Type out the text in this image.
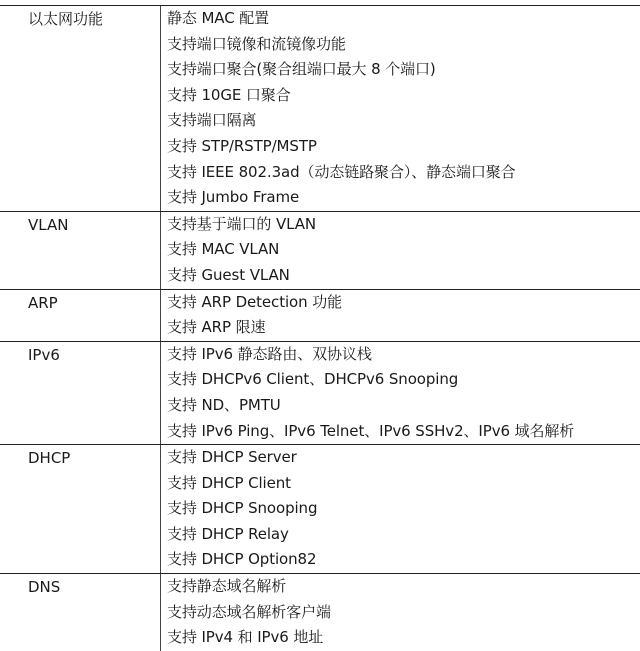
以太网功能	静态 MAC 配置
支持端口镜像和流镜像功能
支持端口聚合(聚合组端口最大 8 个端口)
支持 10GE 口聚合
支持端口隔离
支持 STP/RSTP/MSTP
支持 IEEE 802.3ad（动态链路聚合）、静态端口聚合
支持 Jumbo Frame
VLAN	支持基于端口的 VLAN
支持 MAC VLAN
支持 Guest VLAN
ARP	支持 ARP Detection 功能
支持 ARP 限速
IPv6	支持 IPv6 静态路由、双协议栈
支持 DHCPv6 Client、DHCPv6 Snooping
支持 ND、PMTU
支持 IPv6 Ping、IPv6 Telnet、IPv6 SSHv2、IPv6 域名解析
DHCP	支持 DHCP Server
支持 DHCP Client
支持 DHCP Snooping
支持 DHCP Relay
支持 DHCP Option82
DNS	支持静态域名解析
支持动态域名解析客户端
支持 IPv4 和 IPv6 地址
